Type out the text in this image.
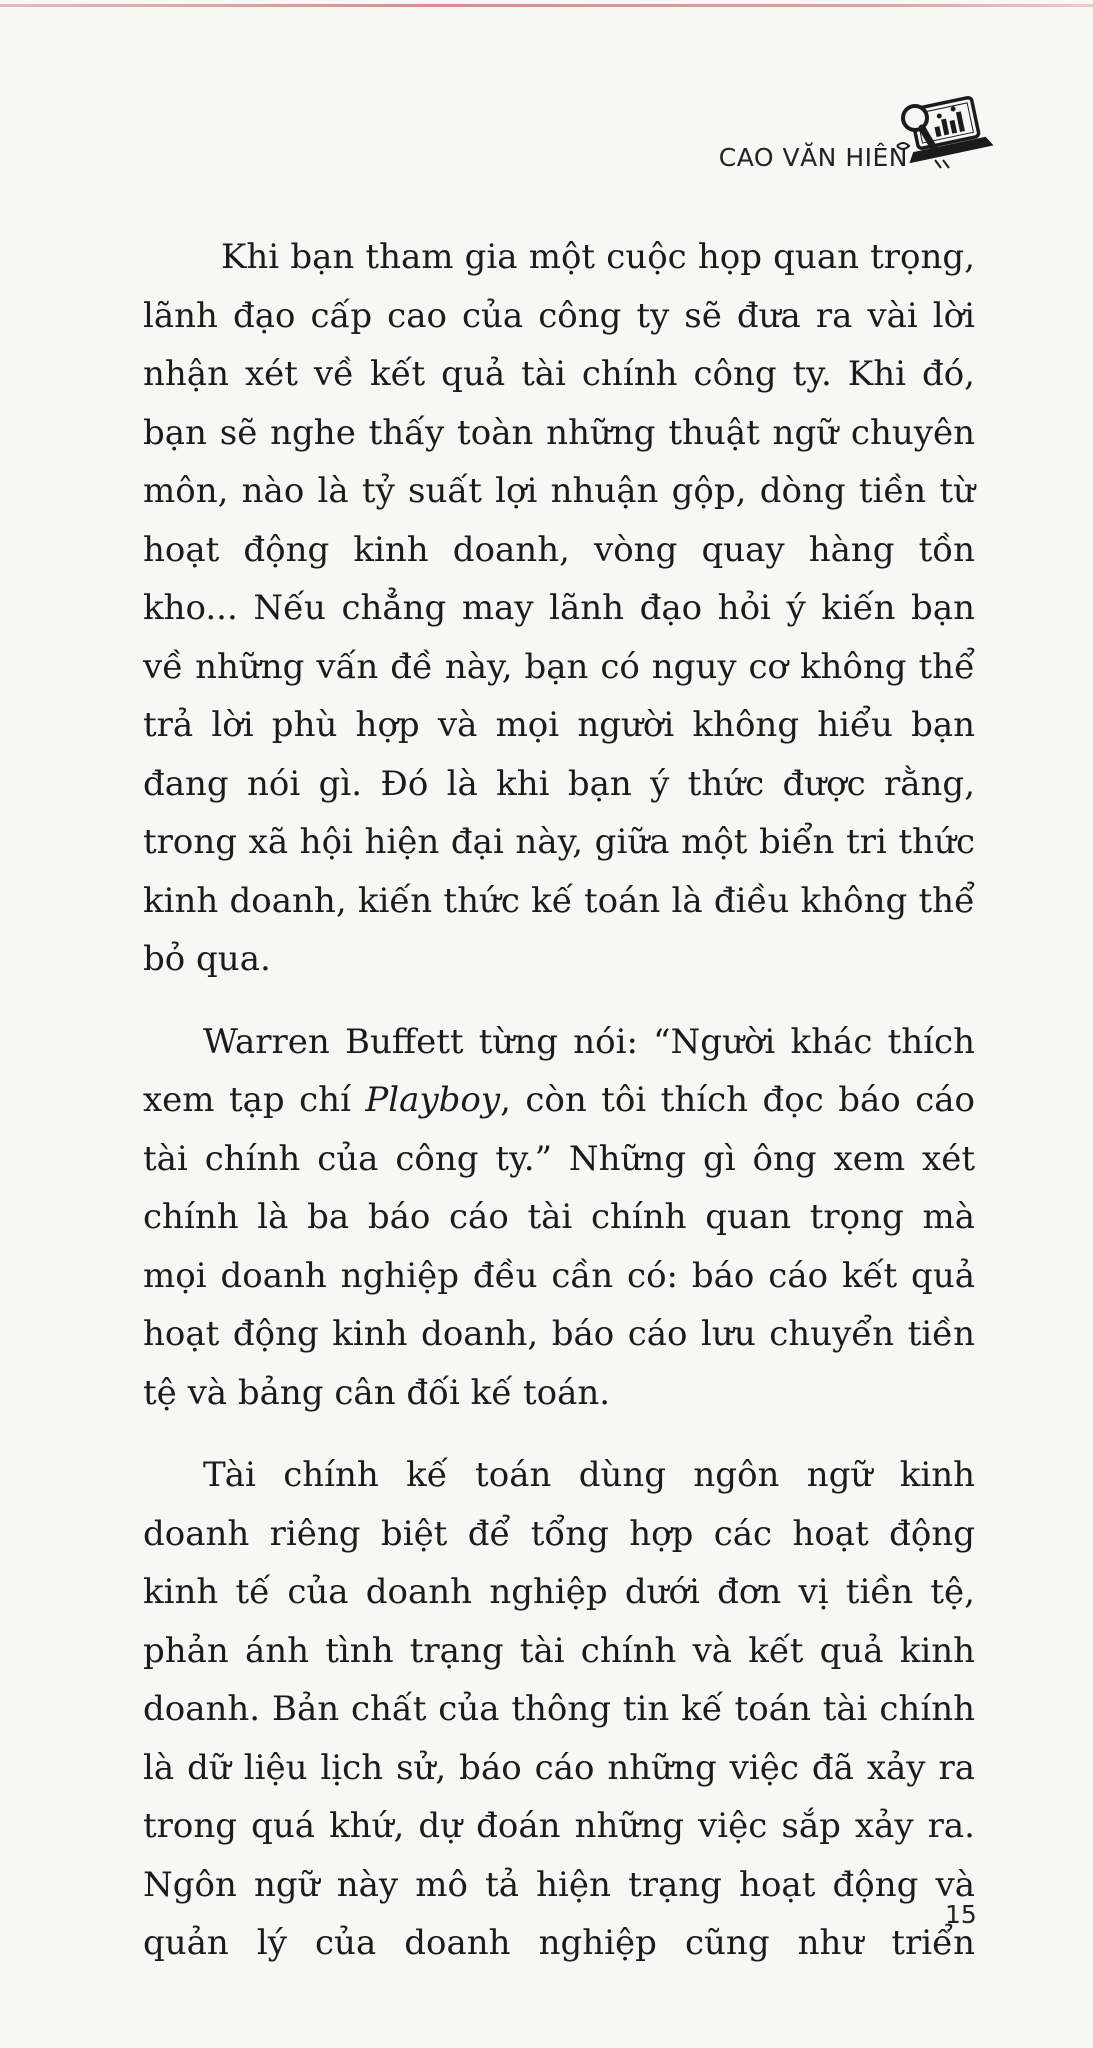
CAO VĂN HIÊN

Khi bạn tham gia một cuộc họp quan trọng, lãnh đạo cấp cao của công ty sẽ đưa ra vài lời nhận xét về kết quả tài chính công ty. Khi đó, bạn sẽ nghe thấy toàn những thuật ngữ chuyên môn, nào là tỷ suất lợi nhuận gộp, dòng tiền từ hoạt động kinh doanh, vòng quay hàng tồn kho... Nếu chẳng may lãnh đạo hỏi ý kiến bạn về những vấn đề này, bạn có nguy cơ không thể trả lời phù hợp và mọi người không hiểu bạn đang nói gì. Đó là khi bạn ý thức được rằng, trong xã hội hiện đại này, giữa một biển tri thức kinh doanh, kiến thức kế toán là điều không thể bỏ qua.

Warren Buffett từng nói: “Người khác thích xem tạp chí Playboy, còn tôi thích đọc báo cáo tài chính của công ty.” Những gì ông xem xét chính là ba báo cáo tài chính quan trọng mà mọi doanh nghiệp đều cần có: báo cáo kết quả hoạt động kinh doanh, báo cáo lưu chuyển tiền tệ và bảng cân đối kế toán.

Tài chính kế toán dùng ngôn ngữ kinh doanh riêng biệt để tổng hợp các hoạt động kinh tế của doanh nghiệp dưới đơn vị tiền tệ, phản ánh tình trạng tài chính và kết quả kinh doanh. Bản chất của thông tin kế toán tài chính là dữ liệu lịch sử, báo cáo những việc đã xảy ra trong quá khứ, dự đoán những việc sắp xảy ra. Ngôn ngữ này mô tả hiện trạng hoạt động và quản lý của doanh nghiệp cũng như triển

15
